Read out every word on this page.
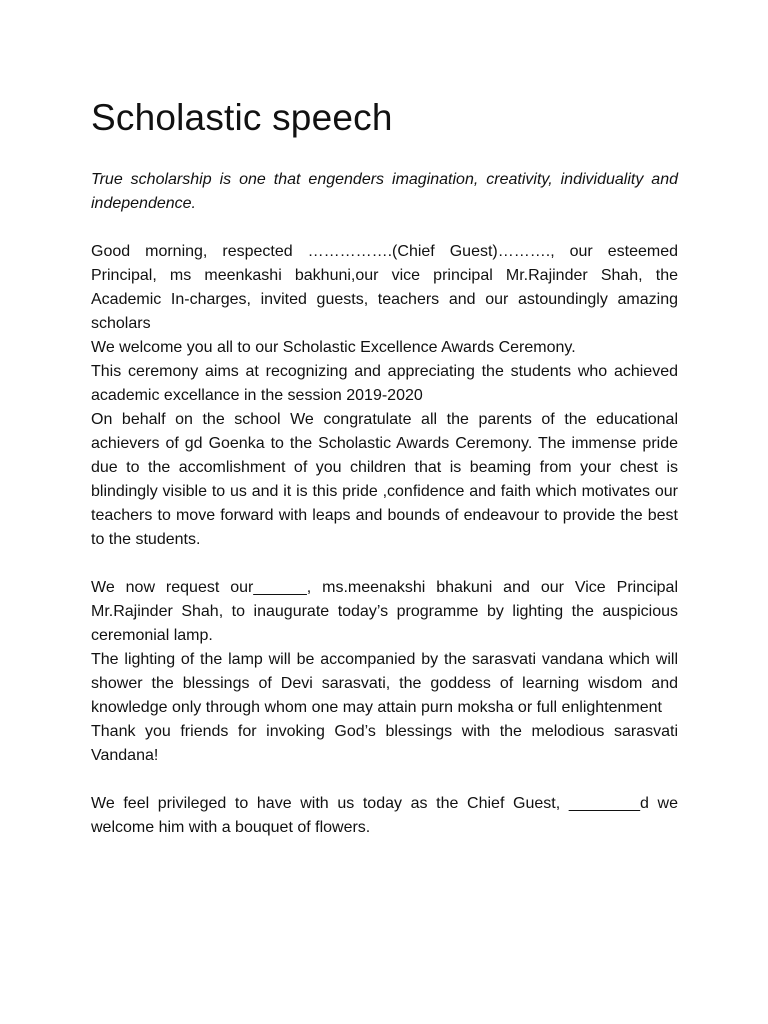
Scholastic speech

True scholarship is one that engenders imagination, creativity, individuality and independence.

Good morning, respected …………….(Chief Guest)………., our esteemed Principal, ms meenkashi bakhuni,our vice principal Mr.Rajinder Shah, the Academic In-charges, invited guests, teachers and our astoundingly amazing scholars

We welcome you all to our Scholastic Excellence Awards Ceremony.

This ceremony aims at recognizing and appreciating the students who achieved academic excellance in the session 2019-2020

On behalf on the school We congratulate all the parents of the educational achievers of gd Goenka to the Scholastic Awards Ceremony. The immense pride due to the accomlishment of you children that is beaming from your chest is blindingly visible to us and it is this pride ,confidence and faith which motivates our teachers to move forward with leaps and bounds of endeavour to provide the best to the students.

We now request our______, ms.meenakshi bhakuni and our Vice Principal Mr.Rajinder Shah, to inaugurate today’s programme by lighting the auspicious ceremonial lamp.

The lighting of the lamp will be accompanied by the sarasvati vandana which will shower the blessings of Devi sarasvati, the goddess of learning wisdom and knowledge only through whom one may attain purn moksha or full enlightenment

Thank you friends for invoking God’s blessings with the melodious sarasvati Vandana!

We feel privileged to have with us today as the Chief Guest, ________d we welcome him with a bouquet of flowers.
